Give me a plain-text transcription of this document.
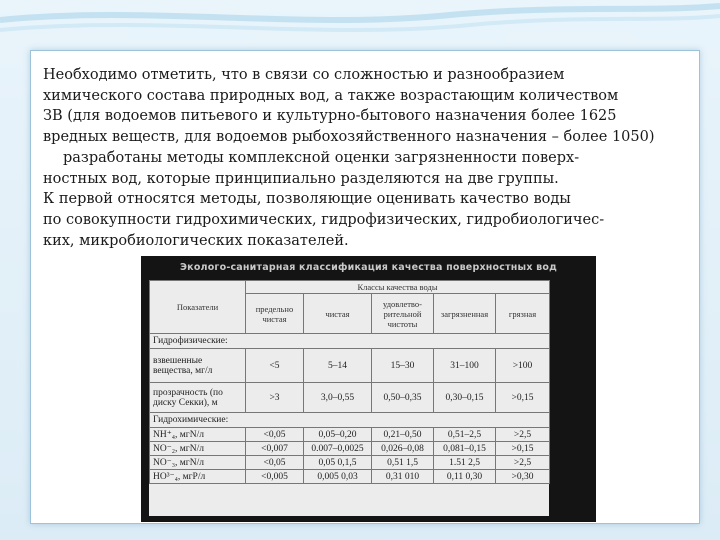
Необходимо отметить, что в связи со сложностью и разнообразием

химического состава природных вод, а также возрастающим количеством

ЗВ (для водоемов питьевого и культурно-бытового назначения более 1625

вредных веществ, для водоемов рыбохозяйственного назначения – более 1050)

разработаны методы комплексной оценки загрязненности поверх-

ностных вод, которые принципиально разделяются на две группы.

К первой относятся методы, позволяющие оценивать качество воды

по совокупности гидрохимических, гидрофизических, гидробиологичес-

ких, микробиологических показателей.

Эколого-санитарная классификация качества поверхностных вод
Показатели	Классы качества воды				
	предельно чистая	чистая	удовлетво-рительной чистоты	загрязненная	грязная
Гидрофизические:					
взвешенные вещества, мг/л	<5	5–14	15–30	31–100	>100
прозрачность (по диску Секки), м	>3	3,0–0,55	0,50–0,35	0,30–0,15	>0,15
Гидрохимические:					
NH⁺₄, мгN/л	<0,05	0,05–0,20	0,21–0,50	0,51–2,5	>2,5
NO⁻₂, мгN/л	<0,007	0.007–0,0025	0,026–0,08	0,081–0,15	>0,15
NO⁻₃, мгN/л	<0,05	0,05 0,1,5	0,51 1,5	1.51 2,5	>2,5
HO³⁻₄, мгP/л	<0,005	0,005 0,03	0,31 010	0,11 0,30	>0,30
